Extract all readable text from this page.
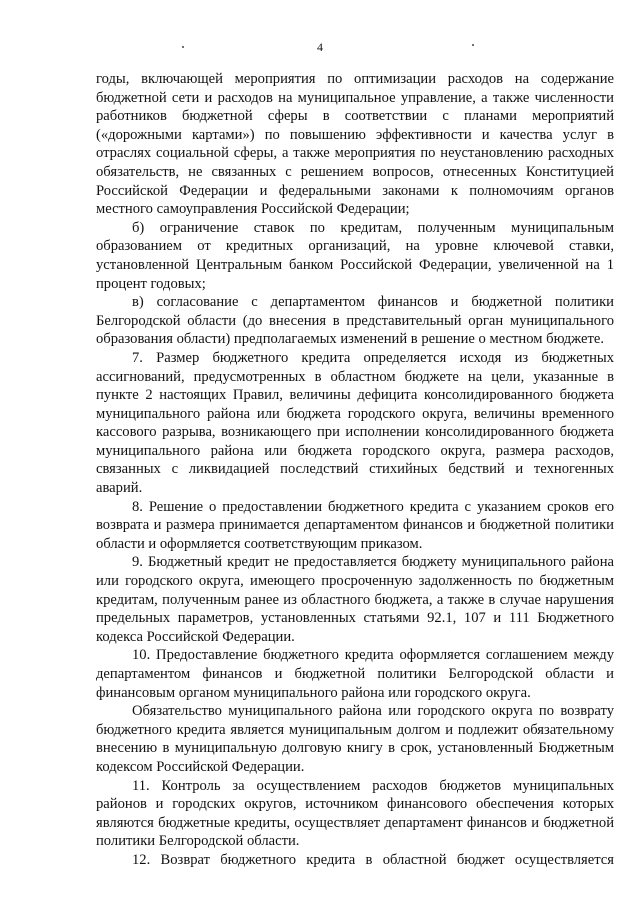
4

годы, включающей мероприятия по оптимизации расходов на содержание бюджетной сети и расходов на муниципальное управление, а также численности работников бюджетной сферы в соответствии с планами мероприятий («дорожными картами») по повышению эффективности и качества услуг в отраслях социальной сферы, а также мероприятия по неустановлению расходных обязательств, не связанных с решением вопросов, отнесенных Конституцией Российской Федерации и федеральными законами к полномочиям органов местного самоуправления Российской Федерации;

б) ограничение ставок по кредитам, полученным муниципальным образованием от кредитных организаций, на уровне ключевой ставки, установленной Центральным банком Российской Федерации, увеличенной на 1 процент годовых;

в) согласование с департаментом финансов и бюджетной политики Белгородской области (до внесения в представительный орган муниципального образования области) предполагаемых изменений в решение о местном бюджете.

7. Размер бюджетного кредита определяется исходя из бюджетных ассигнований, предусмотренных в областном бюджете на цели, указанные в пункте 2 настоящих Правил, величины дефицита консолидированного бюджета муниципального района или бюджета городского округа, величины временного кассового разрыва, возникающего при исполнении консолидированного бюджета муниципального района или бюджета городского округа, размера расходов, связанных с ликвидацией последствий стихийных бедствий и техногенных аварий.

8. Решение о предоставлении бюджетного кредита с указанием сроков его возврата и размера принимается департаментом финансов и бюджетной политики области и оформляется соответствующим приказом.

9. Бюджетный кредит не предоставляется бюджету муниципального района или городского округа, имеющего просроченную задолженность по бюджетным кредитам, полученным ранее из областного бюджета, а также в случае нарушения предельных параметров, установленных статьями 92.1, 107 и 111 Бюджетного кодекса Российской Федерации.

10. Предоставление бюджетного кредита оформляется соглашением между департаментом финансов и бюджетной политики Белгородской области и финансовым органом муниципального района или городского округа.

Обязательство муниципального района или городского округа по возврату бюджетного кредита является муниципальным долгом и подлежит обязательному внесению в муниципальную долговую книгу в срок, установленный Бюджетным кодексом Российской Федерации.

11. Контроль за осуществлением расходов бюджетов муниципальных районов и городских округов, источником финансового обеспечения которых являются бюджетные кредиты, осуществляет департамент финансов и бюджетной политики Белгородской области.

12. Возврат бюджетного кредита в областной бюджет осуществляется
